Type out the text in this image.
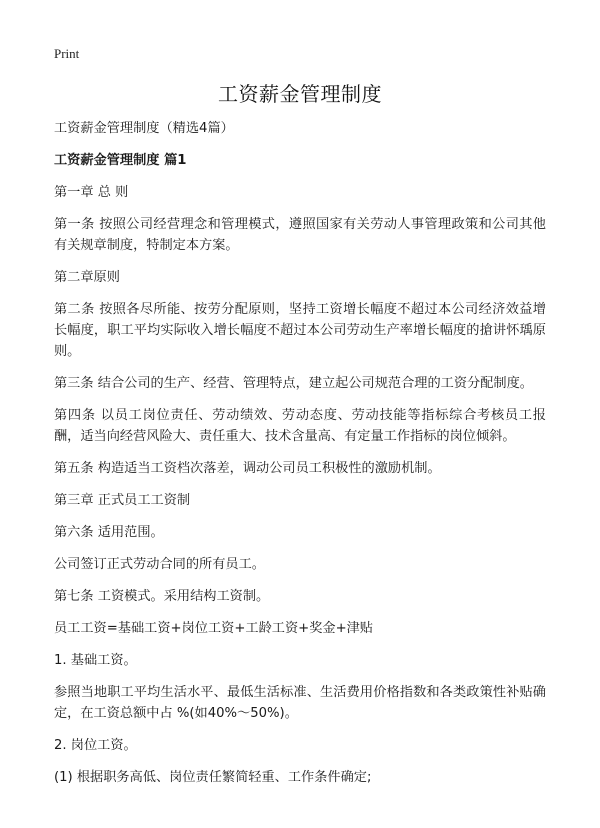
Print
工资薪金管理制度

工资薪金管理制度（精选4篇）

工资薪金管理制度 篇1

第一章 总 则

第一条 按照公司经营理念和管理模式，遵照国家有关劳动人事管理政策和公司其他有关规章制度，特制定本方案。

第二章原则

第二条 按照各尽所能、按劳分配原则，坚持工资增长幅度不超过本公司经济效益增长幅度，职工平均实际收入增长幅度不超过本公司劳动生产率增长幅度的搶讲怀瑀原则。

第三条 结合公司的生产、经营、管理特点，建立起公司规范合理的工资分配制度。

第四条 以员工岗位责任、劳动绩效、劳动态度、劳动技能等指标综合考核员工报酬，适当向经营风险大、责任重大、技术含量高、有定量工作指标的岗位倾斜。

第五条 构造适当工资档次落差，调动公司员工积极性的激励机制。

第三章 正式员工工资制

第六条 适用范围。

公司签订正式劳动合同的所有员工。

第七条 工资模式。采用结构工资制。

员工工资=基础工资+岗位工资+工龄工资+奖金+津贴

1. 基础工资。

参照当地职工平均生活水平、最低生活标准、生活费用价格指数和各类政策性补贴确定，在工资总额中占 %(如40%～50%)。

2. 岗位工资。

(1) 根据职务高低、岗位责任繁简轻重、工作条件确定;
